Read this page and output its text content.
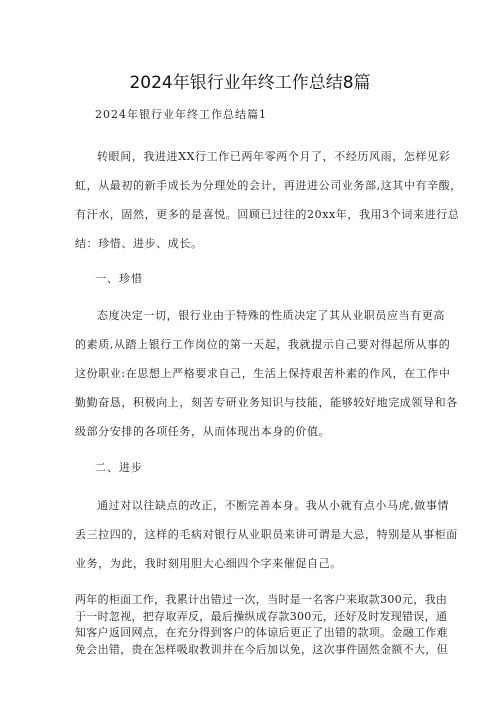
2024年银行业年终工作总结8篇
2024年银行业年终工作总结篇1
转眼间，我进进XX行工作已两年零两个月了，不经历风雨，怎样见彩
虹，从最初的新手成长为分理处的会计，再进进公司业务部,这其中有辛酸，
有汗水，固然，更多的是喜悦。回顾已过往的20xx年，我用3个词来进行总
结：珍惜、进步、成长。
一、珍惜
态度决定一切，银行业由于特殊的性质决定了其从业职员应当有更高
的素质,从踏上银行工作岗位的第一天起，我就提示自己要对得起所从事的
这份职业:在思想上严格要求自己，生活上保持艰苦朴素的作风，在工作中
勤勤奋恳，积极向上，刻苦专研业务知识与技能，能够较好地完成领导和各
级部分安排的各项任务，从而体现出本身的价值。
二、进步
通过对以往缺点的改正，不断完善本身。我从小就有点小马虎,做事情
丢三拉四的，这样的毛病对银行从业职员来讲可谓是大忌，特别是从事柜面
业务，为此，我时刻用胆大心细四个字来催促自己。
两年的柜面工作，我累计出错过一次，当时是一名客户来取款300元，我由
于一时忽视，把存取弄反，最后操纵成存款300元，还好及时发现错误，通
知客户返回网点，在充分得到客户的体谅后更正了出错的款项。金融工作难
免会出错，贵在怎样吸取教训并在今后加以免，这次事件固然金额不大，但
